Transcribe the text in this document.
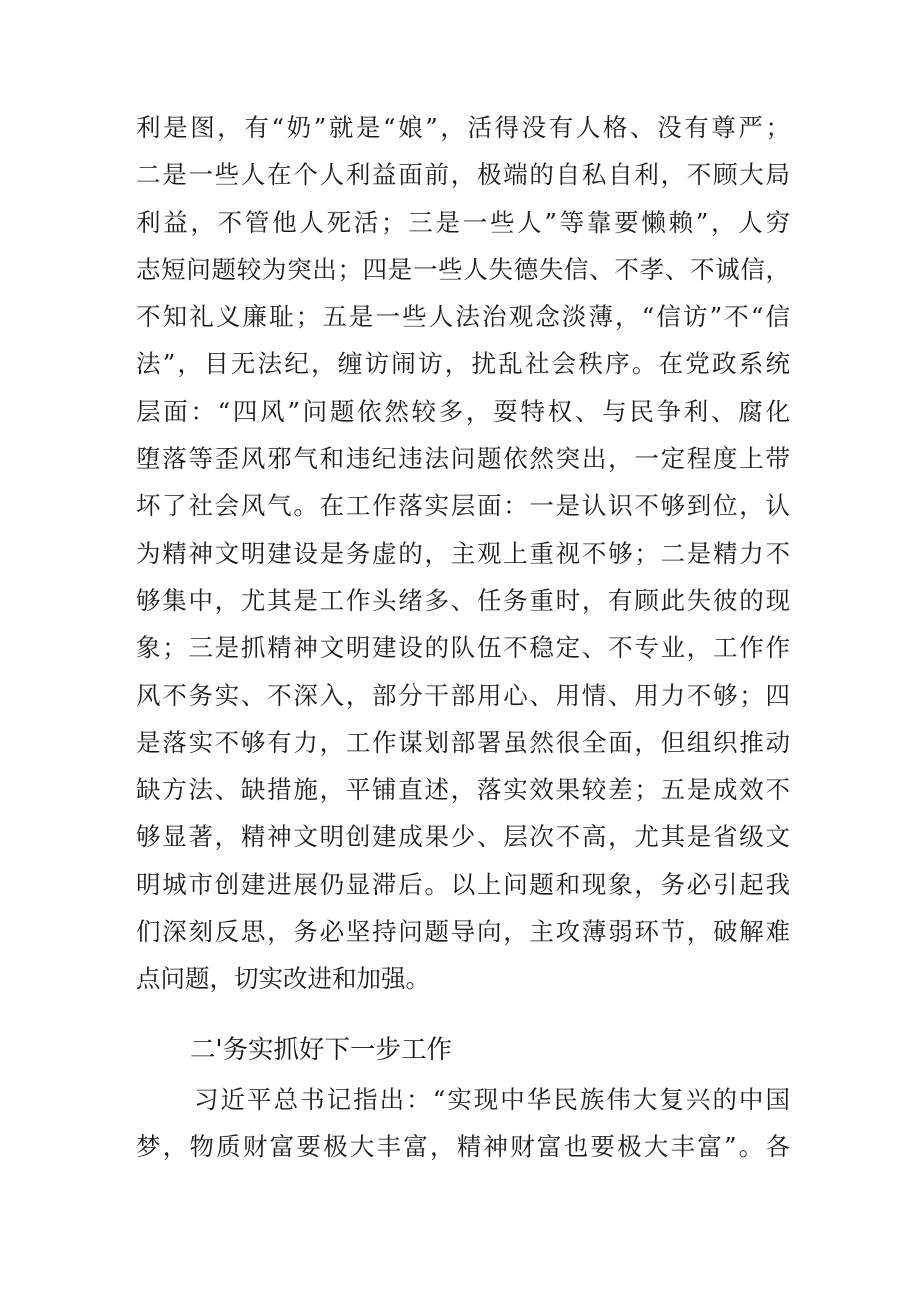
利是图，有“奶”就是“娘”，活得没有人格、没有尊严；
二是一些人在个人利益面前，极端的自私自利，不顾大局
利益，不管他人死活；三是一些人”等靠要懒赖”，人穷
志短问题较为突出；四是一些人失德失信、不孝、不诚信，
不知礼义廉耻；五是一些人法治观念淡薄，“信访”不“信
法”，目无法纪，缠访闹访，扰乱社会秩序。在党政系统
层面：“四风”问题依然较多，耍特权、与民争利、腐化
堕落等歪风邪气和违纪违法问题依然突出，一定程度上带
坏了社会风气。在工作落实层面：一是认识不够到位，认
为精神文明建设是务虚的，主观上重视不够；二是精力不
够集中，尤其是工作头绪多、任务重时，有顾此失彼的现
象；三是抓精神文明建设的队伍不稳定、不专业，工作作
风不务实、不深入，部分干部用心、用情、用力不够；四
是落实不够有力，工作谋划部署虽然很全面，但组织推动
缺方法、缺措施，平铺直述，落实效果较差；五是成效不
够显著，精神文明创建成果少、层次不高，尤其是省级文
明城市创建进展仍显滞后。以上问题和现象，务必引起我
们深刻反思，务必坚持问题导向，主攻薄弱环节，破解难
点问题，切实改进和加强。
二'务实抓好下一步工作
习近平总书记指出：“实现中华民族伟大复兴的中国
梦，物质财富要极大丰富，精神财富也要极大丰富”。各
